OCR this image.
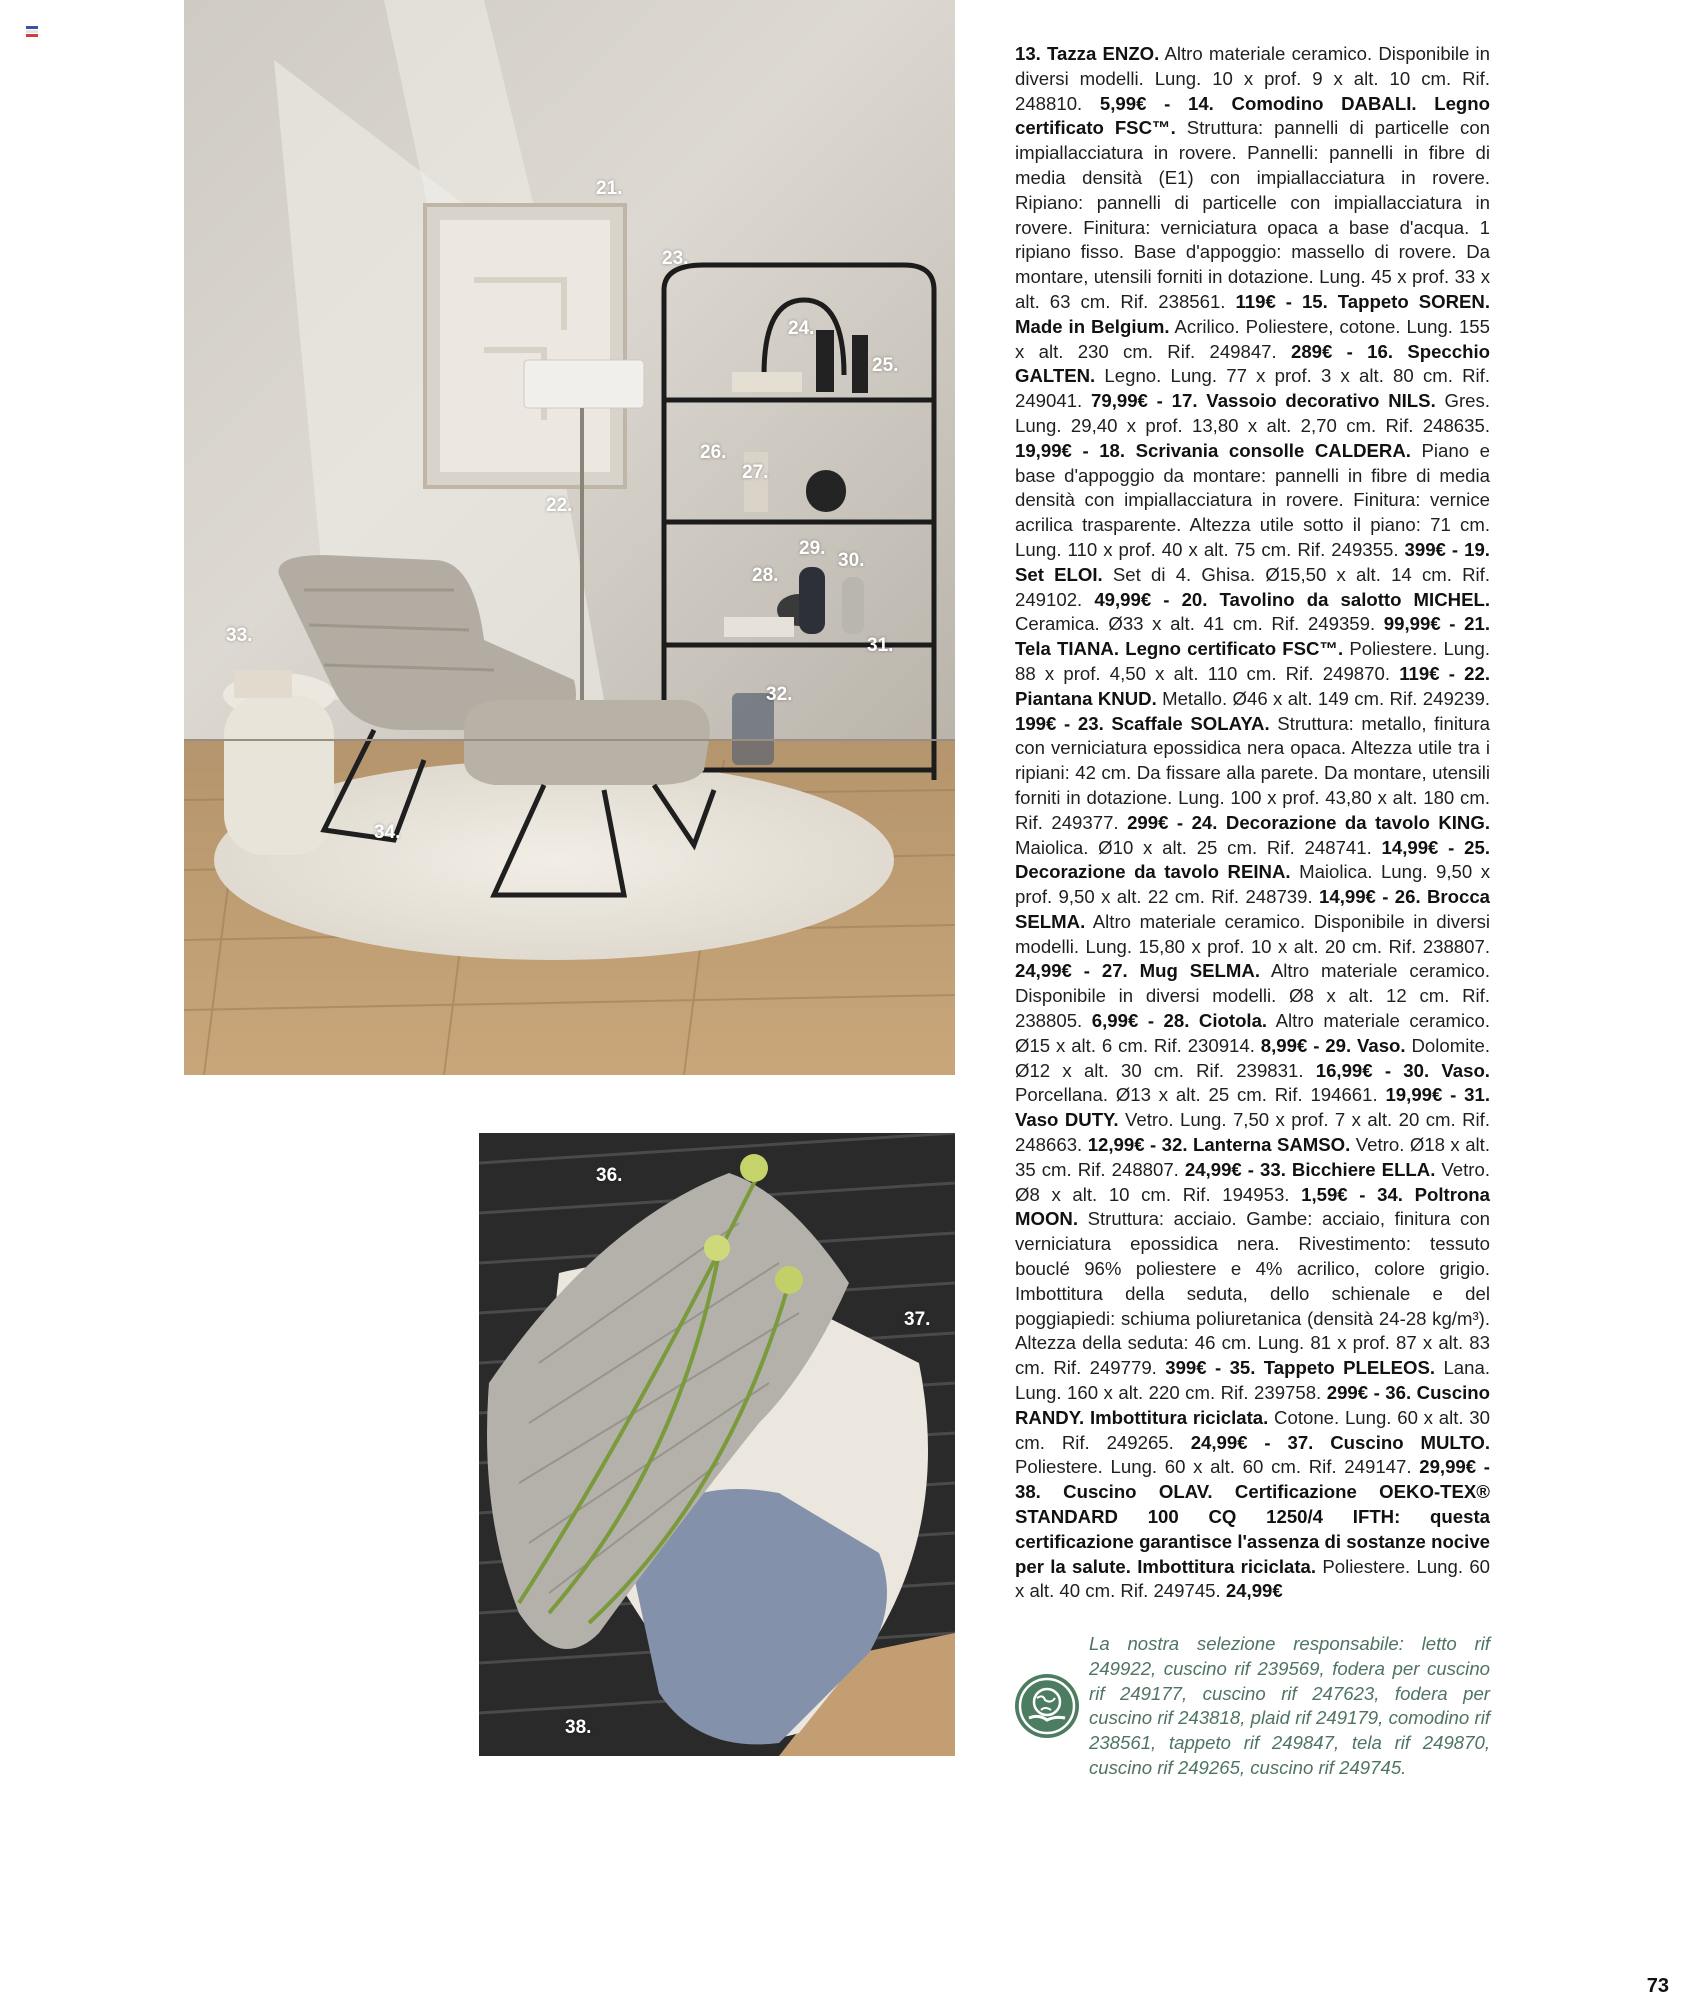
21.
22.
23.
24.
25.
26.
27.
28.
29.
30.
31.
32.
33.
34.
36.
37.
38.

13. Tazza ENZO. Altro materiale ceramico. Disponibile in diversi modelli. Lung. 10 x prof. 9 x alt. 10 cm. Rif. 248810. 5,99€ - 14. Comodino DABALI. Legno certificato FSC™. Struttura: pannelli di particelle con impiallacciatura in rovere. Pannelli: pannelli in fibre di media densità (E1) con impiallacciatura in rovere. Ripiano: pannelli di particelle con impiallacciatura in rovere. Finitura: verniciatura opaca a base d'acqua. 1 ripiano fisso. Base d'appoggio: massello di rovere. Da montare, utensili forniti in dotazione. Lung. 45 x prof. 33 x alt. 63 cm. Rif. 238561. 119€ - 15. Tappeto SOREN. Made in Belgium. Acrilico. Poliestere, cotone. Lung. 155 x alt. 230 cm. Rif. 249847. 289€ - 16. Specchio GALTEN. Legno. Lung. 77 x prof. 3 x alt. 80 cm. Rif. 249041. 79,99€ - 17. Vassoio decorativo NILS. Gres. Lung. 29,40 x prof. 13,80 x alt. 2,70 cm. Rif. 248635. 19,99€ - 18. Scrivania consolle CALDERA. Piano e base d'appoggio da montare: pannelli in fibre di media densità con impiallacciatura in rovere. Finitura: vernice acrilica trasparente. Altezza utile sotto il piano: 71 cm. Lung. 110 x prof. 40 x alt. 75 cm. Rif. 249355. 399€ - 19. Set ELOI. Set di 4. Ghisa. Ø15,50 x alt. 14 cm. Rif. 249102. 49,99€ - 20. Tavolino da salotto MICHEL. Ceramica. Ø33 x alt. 41 cm. Rif. 249359. 99,99€ - 21. Tela TIANA. Legno certificato FSC™. Poliestere. Lung. 88 x prof. 4,50 x alt. 110 cm. Rif. 249870. 119€ - 22. Piantana KNUD. Metallo. Ø46 x alt. 149 cm. Rif. 249239. 199€ - 23. Scaffale SOLAYA. Struttura: metallo, finitura con verniciatura epossidica nera opaca. Altezza utile tra i ripiani: 42 cm. Da fissare alla parete. Da montare, utensili forniti in dotazione. Lung. 100 x prof. 43,80 x alt. 180 cm. Rif. 249377. 299€ - 24. Decorazione da tavolo KING. Maiolica. Ø10 x alt. 25 cm. Rif. 248741. 14,99€ - 25. Decorazione da tavolo REINA. Maiolica. Lung. 9,50 x prof. 9,50 x alt. 22 cm. Rif. 248739. 14,99€ - 26. Brocca SELMA. Altro materiale ceramico. Disponibile in diversi modelli. Lung. 15,80 x prof. 10 x alt. 20 cm. Rif. 238807. 24,99€ - 27. Mug SELMA. Altro materiale ceramico. Disponibile in diversi modelli. Ø8 x alt. 12 cm. Rif. 238805. 6,99€ - 28. Ciotola. Altro materiale ceramico. Ø15 x alt. 6 cm. Rif. 230914. 8,99€ - 29. Vaso. Dolomite. Ø12 x alt. 30 cm. Rif. 239831. 16,99€ - 30. Vaso. Porcellana. Ø13 x alt. 25 cm. Rif. 194661. 19,99€ - 31. Vaso DUTY. Vetro. Lung. 7,50 x prof. 7 x alt. 20 cm. Rif. 248663. 12,99€ - 32. Lanterna SAMSO. Vetro. Ø18 x alt. 35 cm. Rif. 248807. 24,99€ - 33. Bicchiere ELLA. Vetro. Ø8 x alt. 10 cm. Rif. 194953. 1,59€ - 34. Poltrona MOON. Struttura: acciaio. Gambe: acciaio, finitura con verniciatura epossidica nera. Rivestimento: tessuto bouclé 96% poliestere e 4% acrilico, colore grigio. Imbottitura della seduta, dello schienale e del poggiapiedi: schiuma poliuretanica (densità 24-28 kg/m³). Altezza della seduta: 46 cm. Lung. 81 x prof. 87 x alt. 83 cm. Rif. 249779. 399€ - 35. Tappeto PLELEOS. Lana. Lung. 160 x alt. 220 cm. Rif. 239758. 299€ - 36. Cuscino RANDY. Imbottitura riciclata. Cotone. Lung. 60 x alt. 30 cm. Rif. 249265. 24,99€ - 37. Cuscino MULTO. Poliestere. Lung. 60 x alt. 60 cm. Rif. 249147. 29,99€ - 38. Cuscino OLAV. Certificazione OEKO-TEX® STANDARD 100 CQ 1250/4 IFTH: questa certificazione garantisce l'assenza di sostanze nocive per la salute. Imbottitura riciclata. Poliestere. Lung. 60 x alt. 40 cm. Rif. 249745. 24,99€

La nostra selezione responsabile: letto rif 249922, cuscino rif 239569, fodera per cuscino rif 249177, cuscino rif 247623, fodera per cuscino rif 243818, plaid rif 249179, comodino rif 238561, tappeto rif 249847, tela rif 249870, cuscino rif 249265, cuscino rif 249745.

73
